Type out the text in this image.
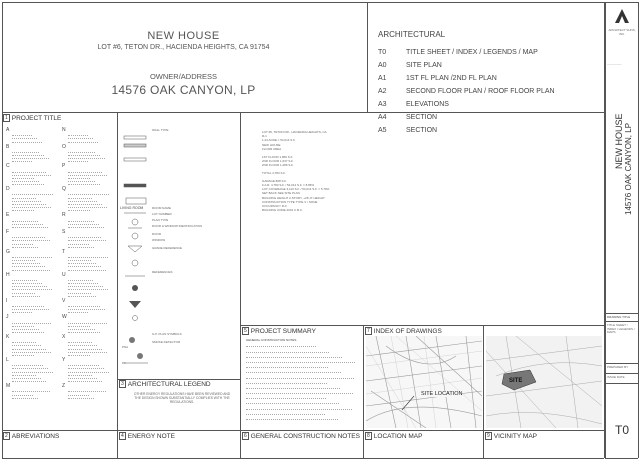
NEW HOUSE
LOT #6, TETON DR., HACIENDA HEIGHTS, CA 91754
OWNER/ADDRESS
14576 OAK CANYON, LP
ARCHITECTURAL
T0	TITLE SHEET / INDEX / LEGENDS / MAP
A0	SITE PLAN
A1	1ST FL PLAN /2ND FL PLAN
A2	SECOND FLOOR PLAN / ROOF FLOOR PLAN
A3	ELEVATIONS
A4	SECTION
A5	SECTION
1 PROJECT TITLE
A
B
C
D
E
F
G
H
I
J
K
L
M
N
O
P
Q
R
S
T
U
V
W
X
Y
Z
2 ABREVIATIONS
WALL TYPE
LIVING ROOM	ROOM NAME
LOT NUMBER
PLAN TYPE
DOOR & WINDOW IDENTIFICATION
DOOR
WINDOW
GRADE REFERENCE
REFERENCES
G.P. PLAN SYMBOLS
SMOKE DETECTOR
PNA
PA
3 ARCHITECTURAL LEGEND
OTHER ENERGY REGULATIONS HAVE BEEN REVIEWED AND THE DESIGN SHOWN SUBSTANTIALLY COMPLIES WITH THE REGULATIONS.
4 ENERGY NOTE
LOT #6, TETON DR., HACIENDA HEIGHTS, CA
R-1
1.24 ACRE = 54,014 S.F.
NEW HOUSE
FLOOR AREA
1ST FLOOR 1,860 S.F.
2ND FLOOR 1,637 S.F.
2ND FLOOR 1,286 S.F.
TOTAL 4,783 S.F.
GARAGE 808 S.F.
F.A.R. 4,783 S.F. / 54,014 S.F. = 8.86%
LOT COVERAGE 3,110 S.F. / 54,014 S.F. = 5.76%
SET BACK SEE SITE PLAN
BUILDING HEIGHT 2-STORY, +26'-0" HEIGHT
CONSTRUCTION TYPE TYPE V / NONE
OCCUPANCY R-3
BUILDING CODE 2001 C.B.C.
5 PROJECT SUMMARY
GENERAL CONSTRUCTION NOTES
6 GENERAL CONSTRUCTION NOTES
7 INDEX OF DRAWINGS
SITE LOCATION
8 LOCATION MAP
SITE
9 VICINITY MAP
ARCHITECT SUNS, INC.
────────
NEW HOUSE 14576 OAK CANYON, LP
DRAWING TITLE
TITLE SHEET / INDEX / LEGENDS / MAPS
PREPARED BY
ISSUE DATE
T0
